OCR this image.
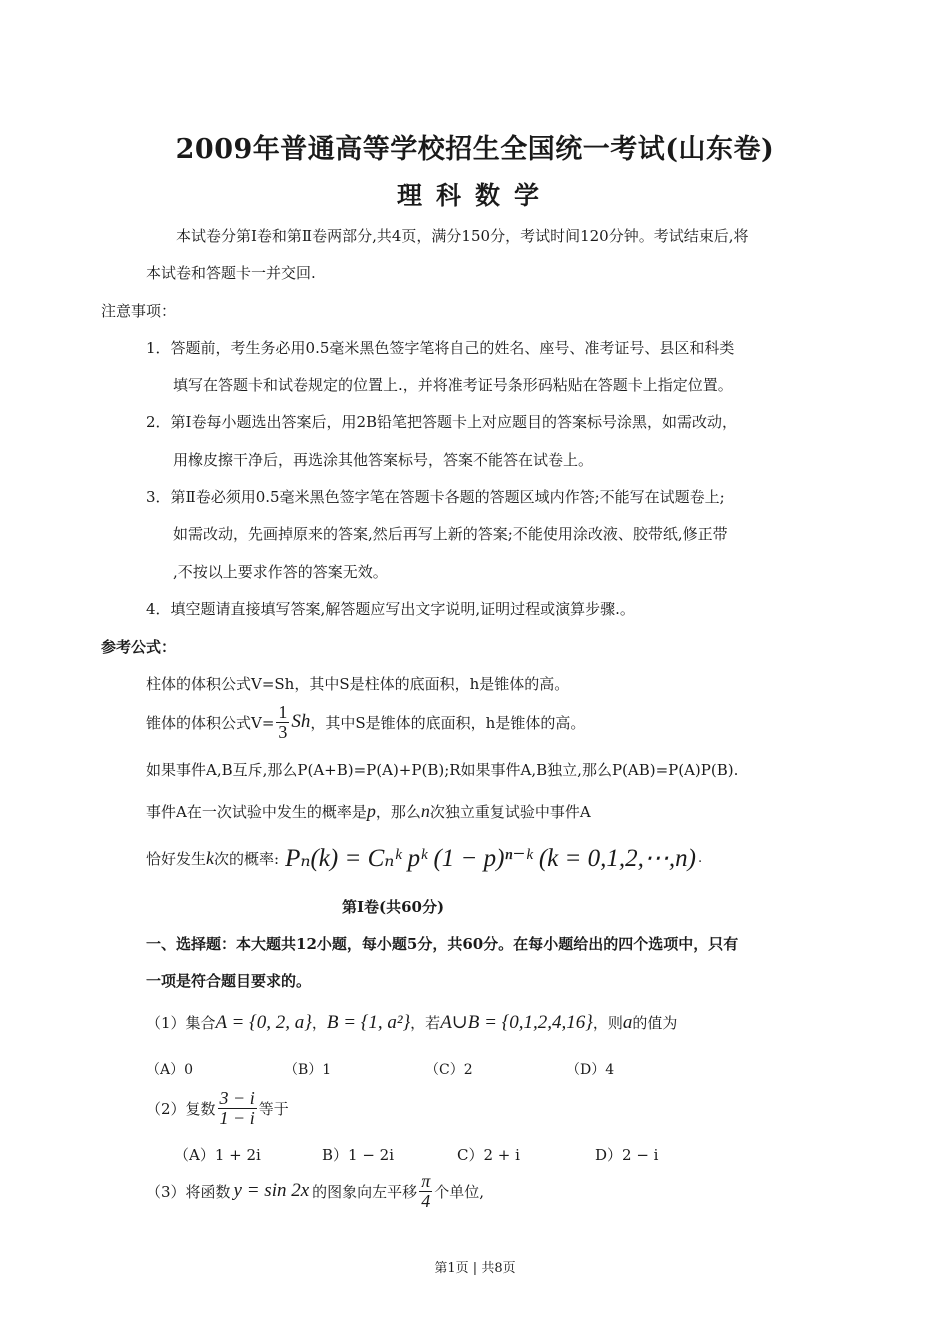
2009年普通高等学校招生全国统一考试(山东卷)
理科数学
本试卷分第Ⅰ卷和第Ⅱ卷两部分,共4页，满分150分，考试时间120分钟。考试结束后,将
本试卷和答题卡一并交回.
注意事项：
1．答题前，考生务必用0.5毫米黑色签字笔将自己的姓名、座号、准考证号、县区和科类
填写在答题卡和试卷规定的位置上.，并将准考证号条形码粘贴在答题卡上指定位置。
2．第Ⅰ卷每小题选出答案后，用2B铅笔把答题卡上对应题目的答案标号涂黑，如需改动，
用橡皮擦干净后，再选涂其他答案标号，答案不能答在试卷上。
3．第Ⅱ卷必须用0.5毫米黑色签字笔在答题卡各题的答题区域内作答;不能写在试题卷上;
如需改动，先画掉原来的答案,然后再写上新的答案;不能使用涂改液、胶带纸,修正带
,不按以上要求作答的答案无效。
4．填空题请直接填写答案,解答题应写出文字说明,证明过程或演算步骤.。
参考公式：
柱体的体积公式V=Sh，其中S是柱体的底面积，h是锥体的高。
锥体的体积公式$V= \frac{1}{3}$ Sh ，其中S是锥体的底面积，h是锥体的高。
如果事件A,B互斥,那么P(A+B)=P(A)+P(B);R如果事件A,B独立,那么P(AB)=P(A)P(B).
事件A在一次试验中发生的概率是p，那么n次独立重复试验中事件A
恰好发生 k 次的概率: Pₙ(k) = Cₙᵏ pᵏ (1 − p)ⁿ⁻ᵏ (k = 0,1,2,⋯,n) .
第Ⅰ卷(共60分)
一、选择题：本大题共12小题，每小题5分，共60分。在每小题给出的四个选项中，只有
一项是符合题目要求的。
（1）集合A = {0, 2, a}，B = {1, a²}，若A∪B = {0,1,2,4,16}，则a的值为
（A）0	（B）1	（C）2	（D）4
（2）复数 $\frac{3 - i}{1 - i}$ 等于
（A）1 + 2i	B）1 − 2i	C）2 + i	D）2 − i
（3）将函数 y = sin 2x 的图象向左平移 $\frac{\pi}{4}$ 个单位,
第1页 | 共8页
